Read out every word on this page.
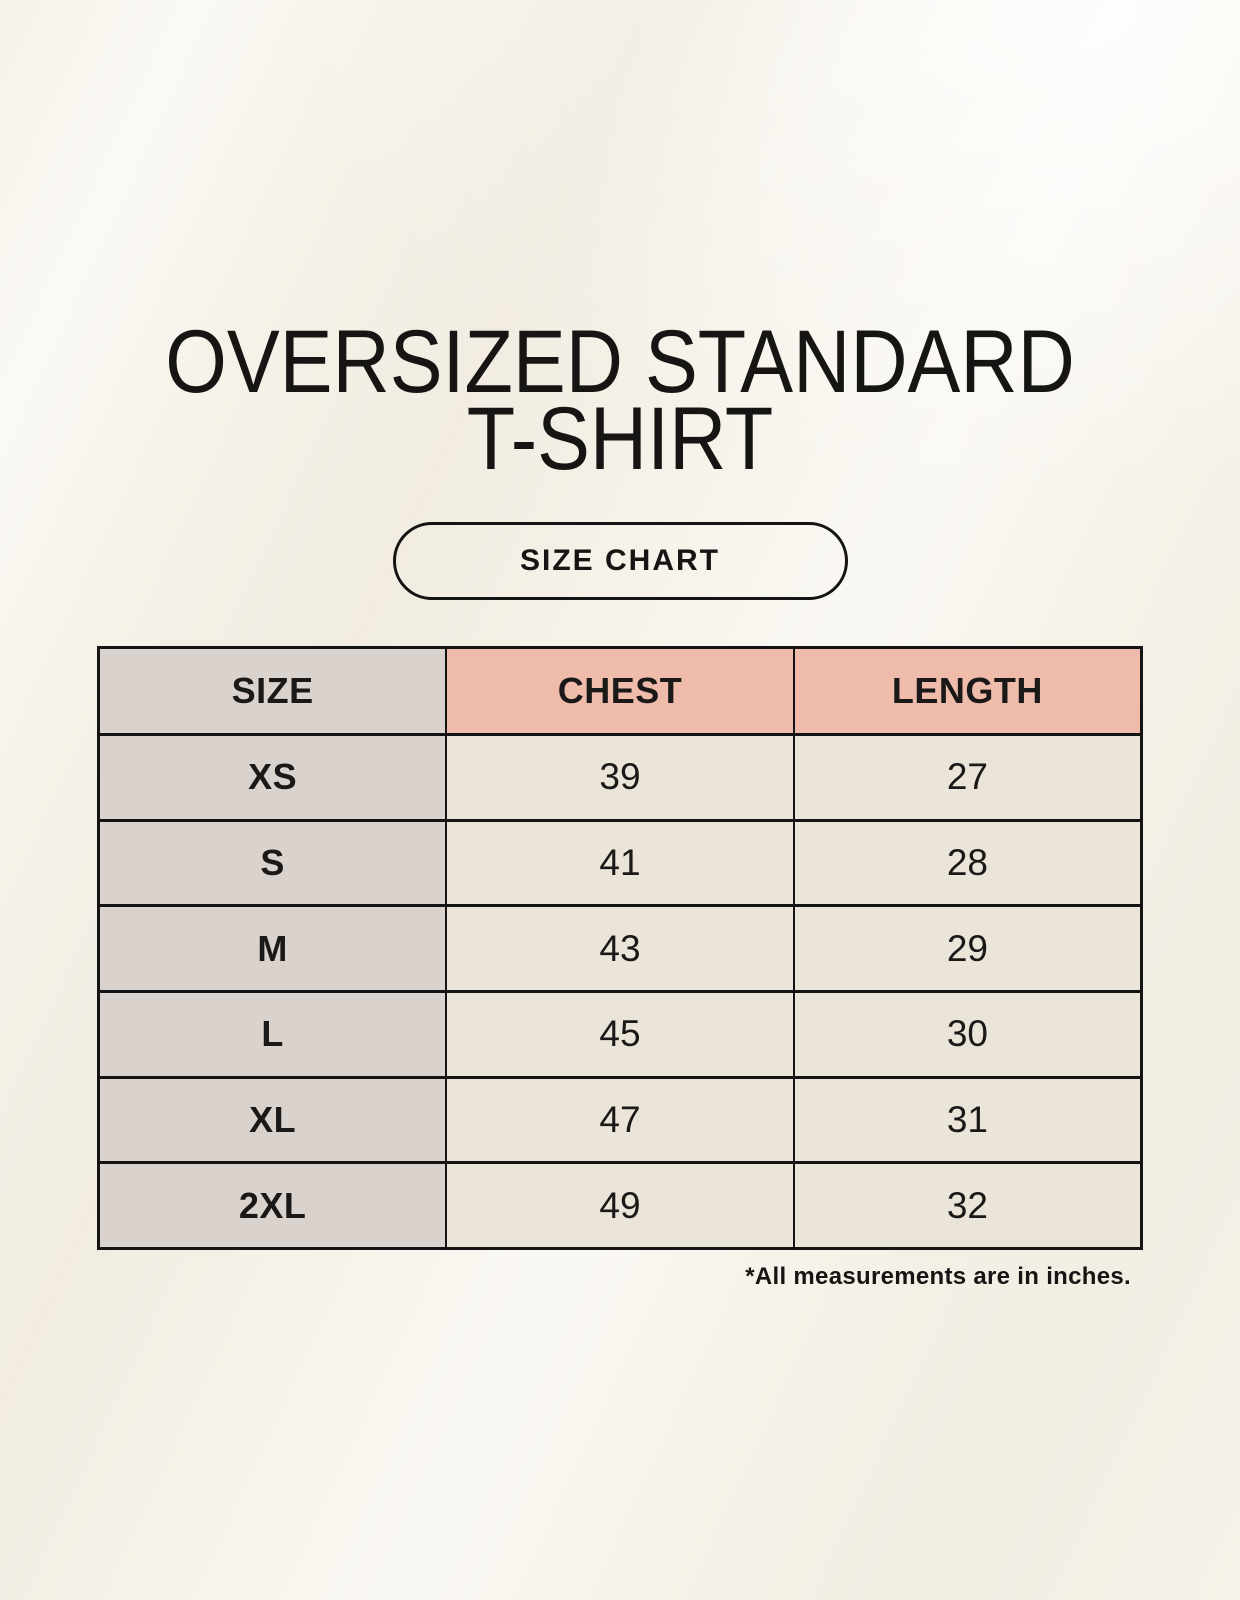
OVERSIZED STANDARD
T-SHIRT
SIZE CHART
SIZE	CHEST	LENGTH
XS	39	27
S	41	28
M	43	29
L	45	30
XL	47	31
2XL	49	32
*All measurements are in inches.
